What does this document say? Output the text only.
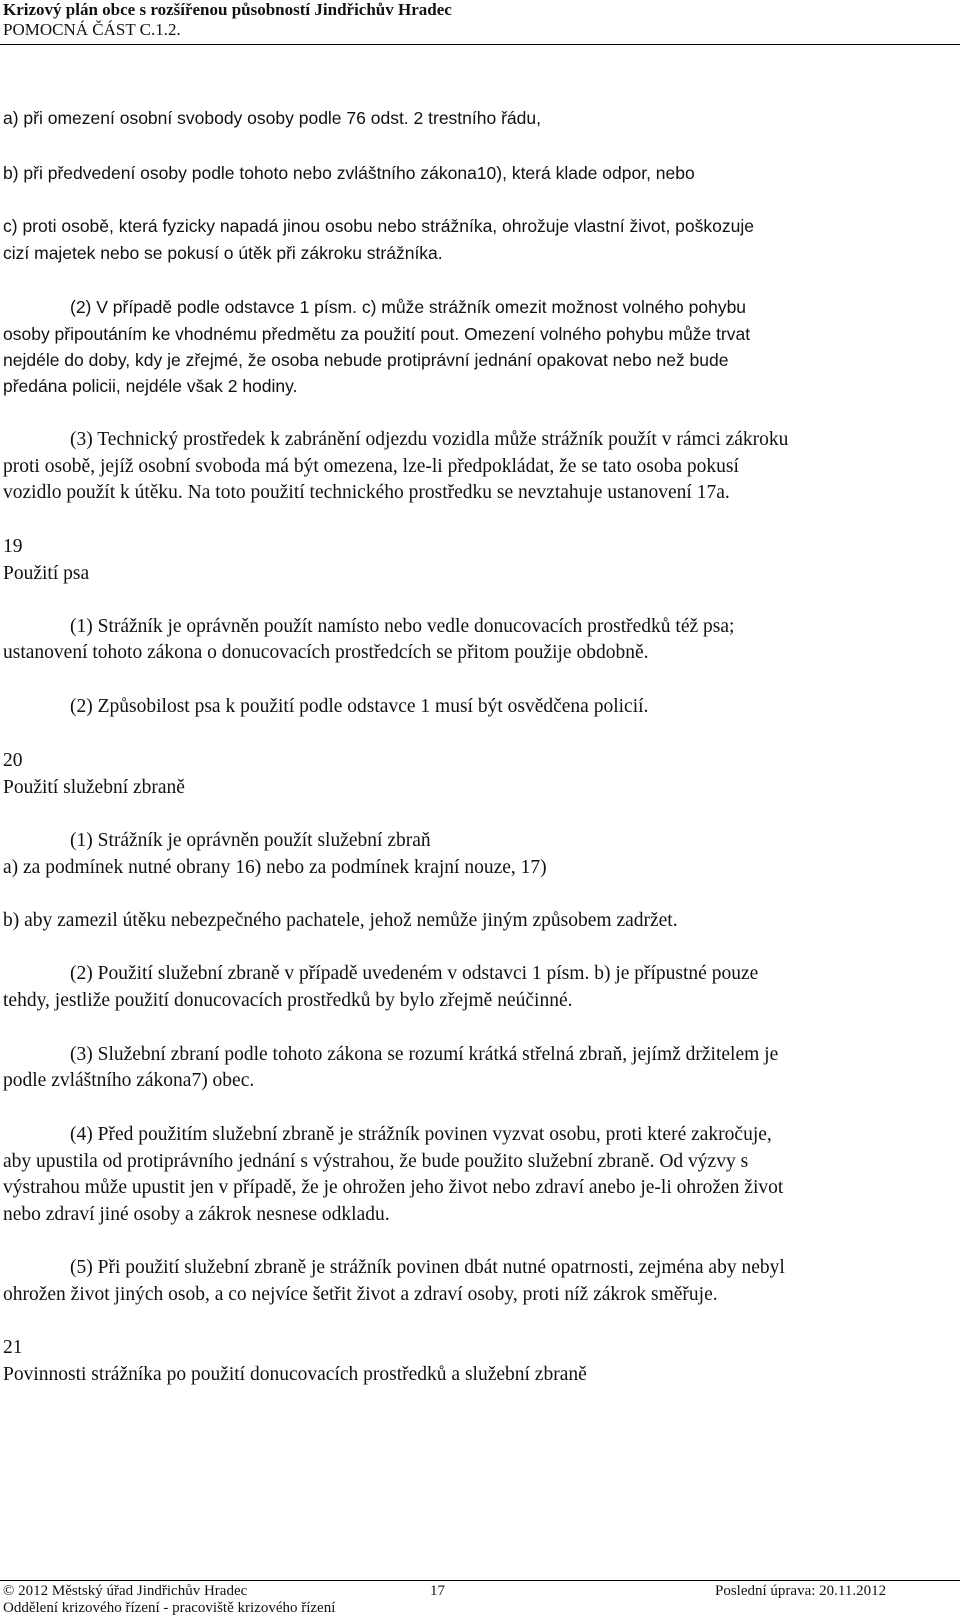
Krizový plán obce s rozšířenou působností Jindřichův Hradec
POMOCNÁ ČÁST C.1.2.
a) při omezení osobní svobody osoby podle 76 odst. 2 trestního řádu,
b) při předvedení osoby podle tohoto nebo zvláštního zákona10), která klade odpor, nebo
c) proti osobě, která fyzicky napadá jinou osobu nebo strážníka, ohrožuje vlastní život, poškozuje
cizí majetek nebo se pokusí o útěk při zákroku strážníka.
(2) V případě podle odstavce 1 písm. c) může strážník omezit možnost volného pohybu
osoby připoutáním ke vhodnému předmětu za použití pout. Omezení volného pohybu může trvat
nejdéle do doby, kdy je zřejmé, že osoba nebude protiprávní jednání opakovat nebo než bude
předána policii, nejdéle však 2 hodiny.
(3) Technický prostředek k zabránění odjezdu vozidla může strážník použít v rámci zákroku
proti osobě, jejíž osobní svoboda má být omezena, lze-li předpokládat, že se tato osoba pokusí
vozidlo použít k útěku. Na toto použití technického prostředku se nevztahuje ustanovení 17a.
19
Použití psa
(1) Strážník je oprávněn použít namísto nebo vedle donucovacích prostředků též psa;
ustanovení tohoto zákona o donucovacích prostředcích se přitom použije obdobně.
(2) Způsobilost psa k použití podle odstavce 1 musí být osvědčena policií.
20
Použití služební zbraně
(1) Strážník je oprávněn použít služební zbraň
a) za podmínek nutné obrany 16) nebo za podmínek krajní nouze, 17)
b) aby zamezil útěku nebezpečného pachatele, jehož nemůže jiným způsobem zadržet.
(2) Použití služební zbraně v případě uvedeném v odstavci 1 písm. b) je přípustné pouze
tehdy, jestliže použití donucovacích prostředků by bylo zřejmě neúčinné.
(3) Služební zbraní podle tohoto zákona se rozumí krátká střelná zbraň, jejímž držitelem je
podle zvláštního zákona7) obec.
(4) Před použitím služební zbraně je strážník povinen vyzvat osobu, proti které zakročuje,
aby upustila od protiprávního jednání s výstrahou, že bude použito služební zbraně. Od výzvy s
výstrahou může upustit jen v případě, že je ohrožen jeho život nebo zdraví anebo je-li ohrožen život
nebo zdraví jiné osoby a zákrok nesnese odkladu.
(5) Při použití služební zbraně je strážník povinen dbát nutné opatrnosti, zejména aby nebyl
ohrožen život jiných osob, a co nejvíce šetřit život a zdraví osoby, proti níž zákrok směřuje.
21
Povinnosti strážníka po použití donucovacích prostředků a služební zbraně
© 2012 Městský úřad Jindřichův Hradec	17	Poslední úprava: 20.11.2012
Oddělení krizového řízení - pracoviště krizového řízení
